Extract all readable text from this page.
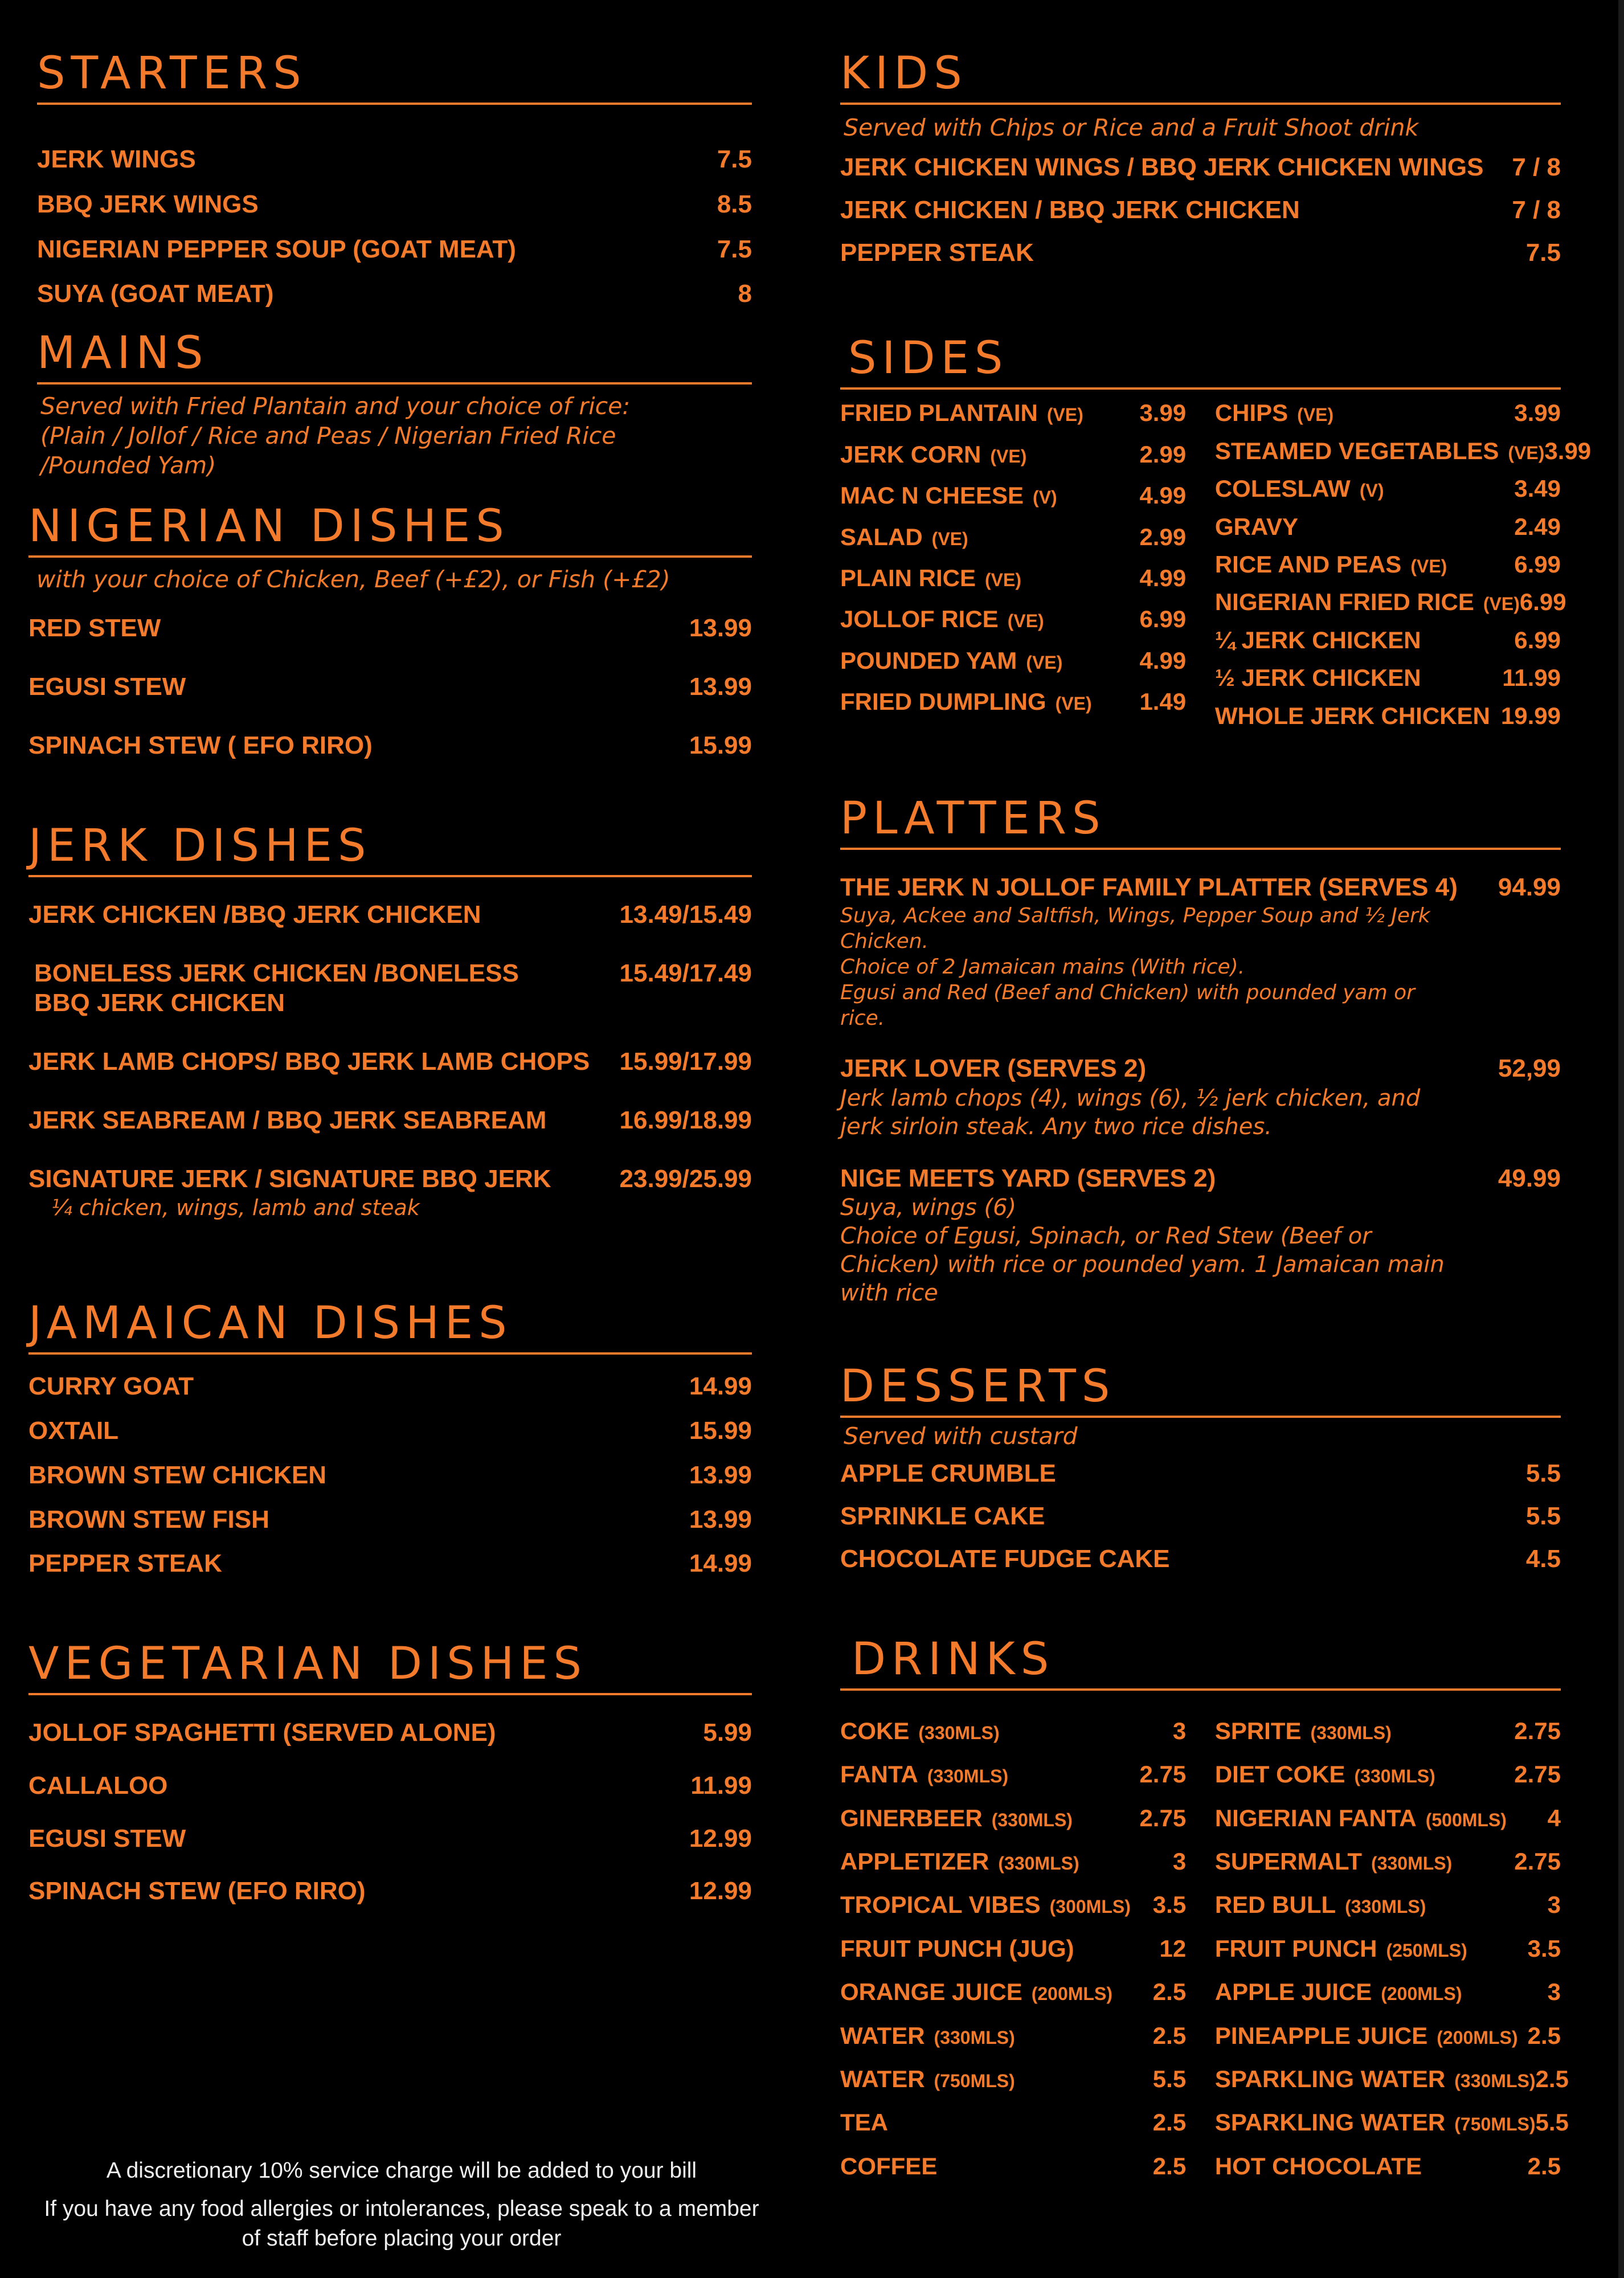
STARTERS
JERK WINGS	7.5
BBQ JERK WINGS	8.5
NIGERIAN PEPPER SOUP (GOAT MEAT)	7.5
SUYA (GOAT MEAT)	8
MAINS

Served with Fried Plantain and your choice of rice: (Plain / Jollof / Rice and Peas / Nigerian Fried Rice /Pounded Yam)

NIGERIAN DISHES

with your choice of Chicken, Beef (+£2), or Fish (+£2)

RED STEW	13.99
EGUSI STEW	13.99
SPINACH STEW ( EFO RIRO)	15.99
JERK DISHES
JERK CHICKEN /BBQ JERK CHICKEN	13.49/15.49
BONELESS JERK CHICKEN /BONELESS
BBQ JERK CHICKEN
15.49/17.49
JERK LAMB CHOPS/ BBQ JERK LAMB CHOPS	15.99/17.99
JERK SEABREAM / BBQ JERK SEABREAM	16.99/18.99
SIGNATURE JERK / SIGNATURE BBQ JERK	23.99/25.99
¼ chicken, wings, lamb and steak
JAMAICAN DISHES
CURRY GOAT	14.99
OXTAIL	15.99
BROWN STEW CHICKEN	13.99
BROWN STEW FISH	13.99
PEPPER STEAK	14.99
VEGETARIAN DISHES
JOLLOF SPAGHETTI (SERVED ALONE)	5.99
CALLALOO	11.99
EGUSI STEW	12.99
SPINACH STEW (EFO RIRO)	12.99

A discretionary 10% service charge will be added to your bill

If you have any food allergies or intolerances, please speak to a member of staff before placing your order

KIDS

Served with Chips or Rice and a Fruit Shoot drink

JERK CHICKEN WINGS / BBQ JERK CHICKEN WINGS	7 / 8
JERK CHICKEN / BBQ JERK CHICKEN	7 / 8
PEPPER STEAK	7.5
SIDES
FRIED PLANTAIN (VE)	3.99
JERK CORN (VE)	2.99
MAC N CHEESE (V)	4.99
SALAD (VE)	2.99
PLAIN RICE (VE)	4.99
JOLLOF RICE (VE)	6.99
POUNDED YAM (VE)	4.99
FRIED DUMPLING (VE)	1.49
CHIPS (VE)	3.99
STEAMED VEGETABLES (VE) 3.99
COLESLAW (V)	3.49
GRAVY	2.49
RICE AND PEAS (VE)	6.99
NIGERIAN FRIED RICE (VE) 6.99
¼ JERK CHICKEN	6.99
½ JERK CHICKEN	11.99
WHOLE JERK CHICKEN 19.99
PLATTERS
THE JERK N JOLLOF FAMILY PLATTER (SERVES 4)	94.99
Suya, Ackee and Saltfish, Wings, Pepper Soup and ½ Jerk Chicken.
Choice of 2 Jamaican mains (With rice).
Egusi and Red (Beef and Chicken) with pounded yam or rice.
JERK LOVER (SERVES 2)	52,99
Jerk lamb chops (4), wings (6), ½ jerk chicken, and jerk sirloin steak. Any two rice dishes.
NIGE MEETS YARD (SERVES 2)	49.99
Suya, wings (6)
Choice of Egusi, Spinach, or Red Stew (Beef or Chicken) with rice or pounded yam. 1 Jamaican main with rice
DESSERTS

Served with custard

APPLE CRUMBLE	5.5
SPRINKLE CAKE	5.5
CHOCOLATE FUDGE CAKE	4.5
DRINKS
COKE (330MLS)	3
FANTA (330MLS)	2.75
GINERBEER (330MLS)	2.75
APPLETIZER (330MLS)	3
TROPICAL VIBES (300MLS) 3.5
FRUIT PUNCH (JUG)	12
ORANGE JUICE (200MLS)	2.5
WATER (330MLS)	2.5
WATER (750MLS)	5.5
TEA	2.5
COFFEE	2.5
SPRITE (330MLS)	2.75
DIET COKE (330MLS)	2.75
NIGERIAN FANTA (500MLS)	4
SUPERMALT (330MLS)	2.75
RED BULL (330MLS)	3
FRUIT PUNCH (250MLS)	3.5
APPLE JUICE (200MLS)	3
PINEAPPLE JUICE (200MLS) 2.5
SPARKLING WATER (330MLS) 2.5
SPARKLING WATER (750MLS) 5.5
HOT CHOCOLATE	2.5
